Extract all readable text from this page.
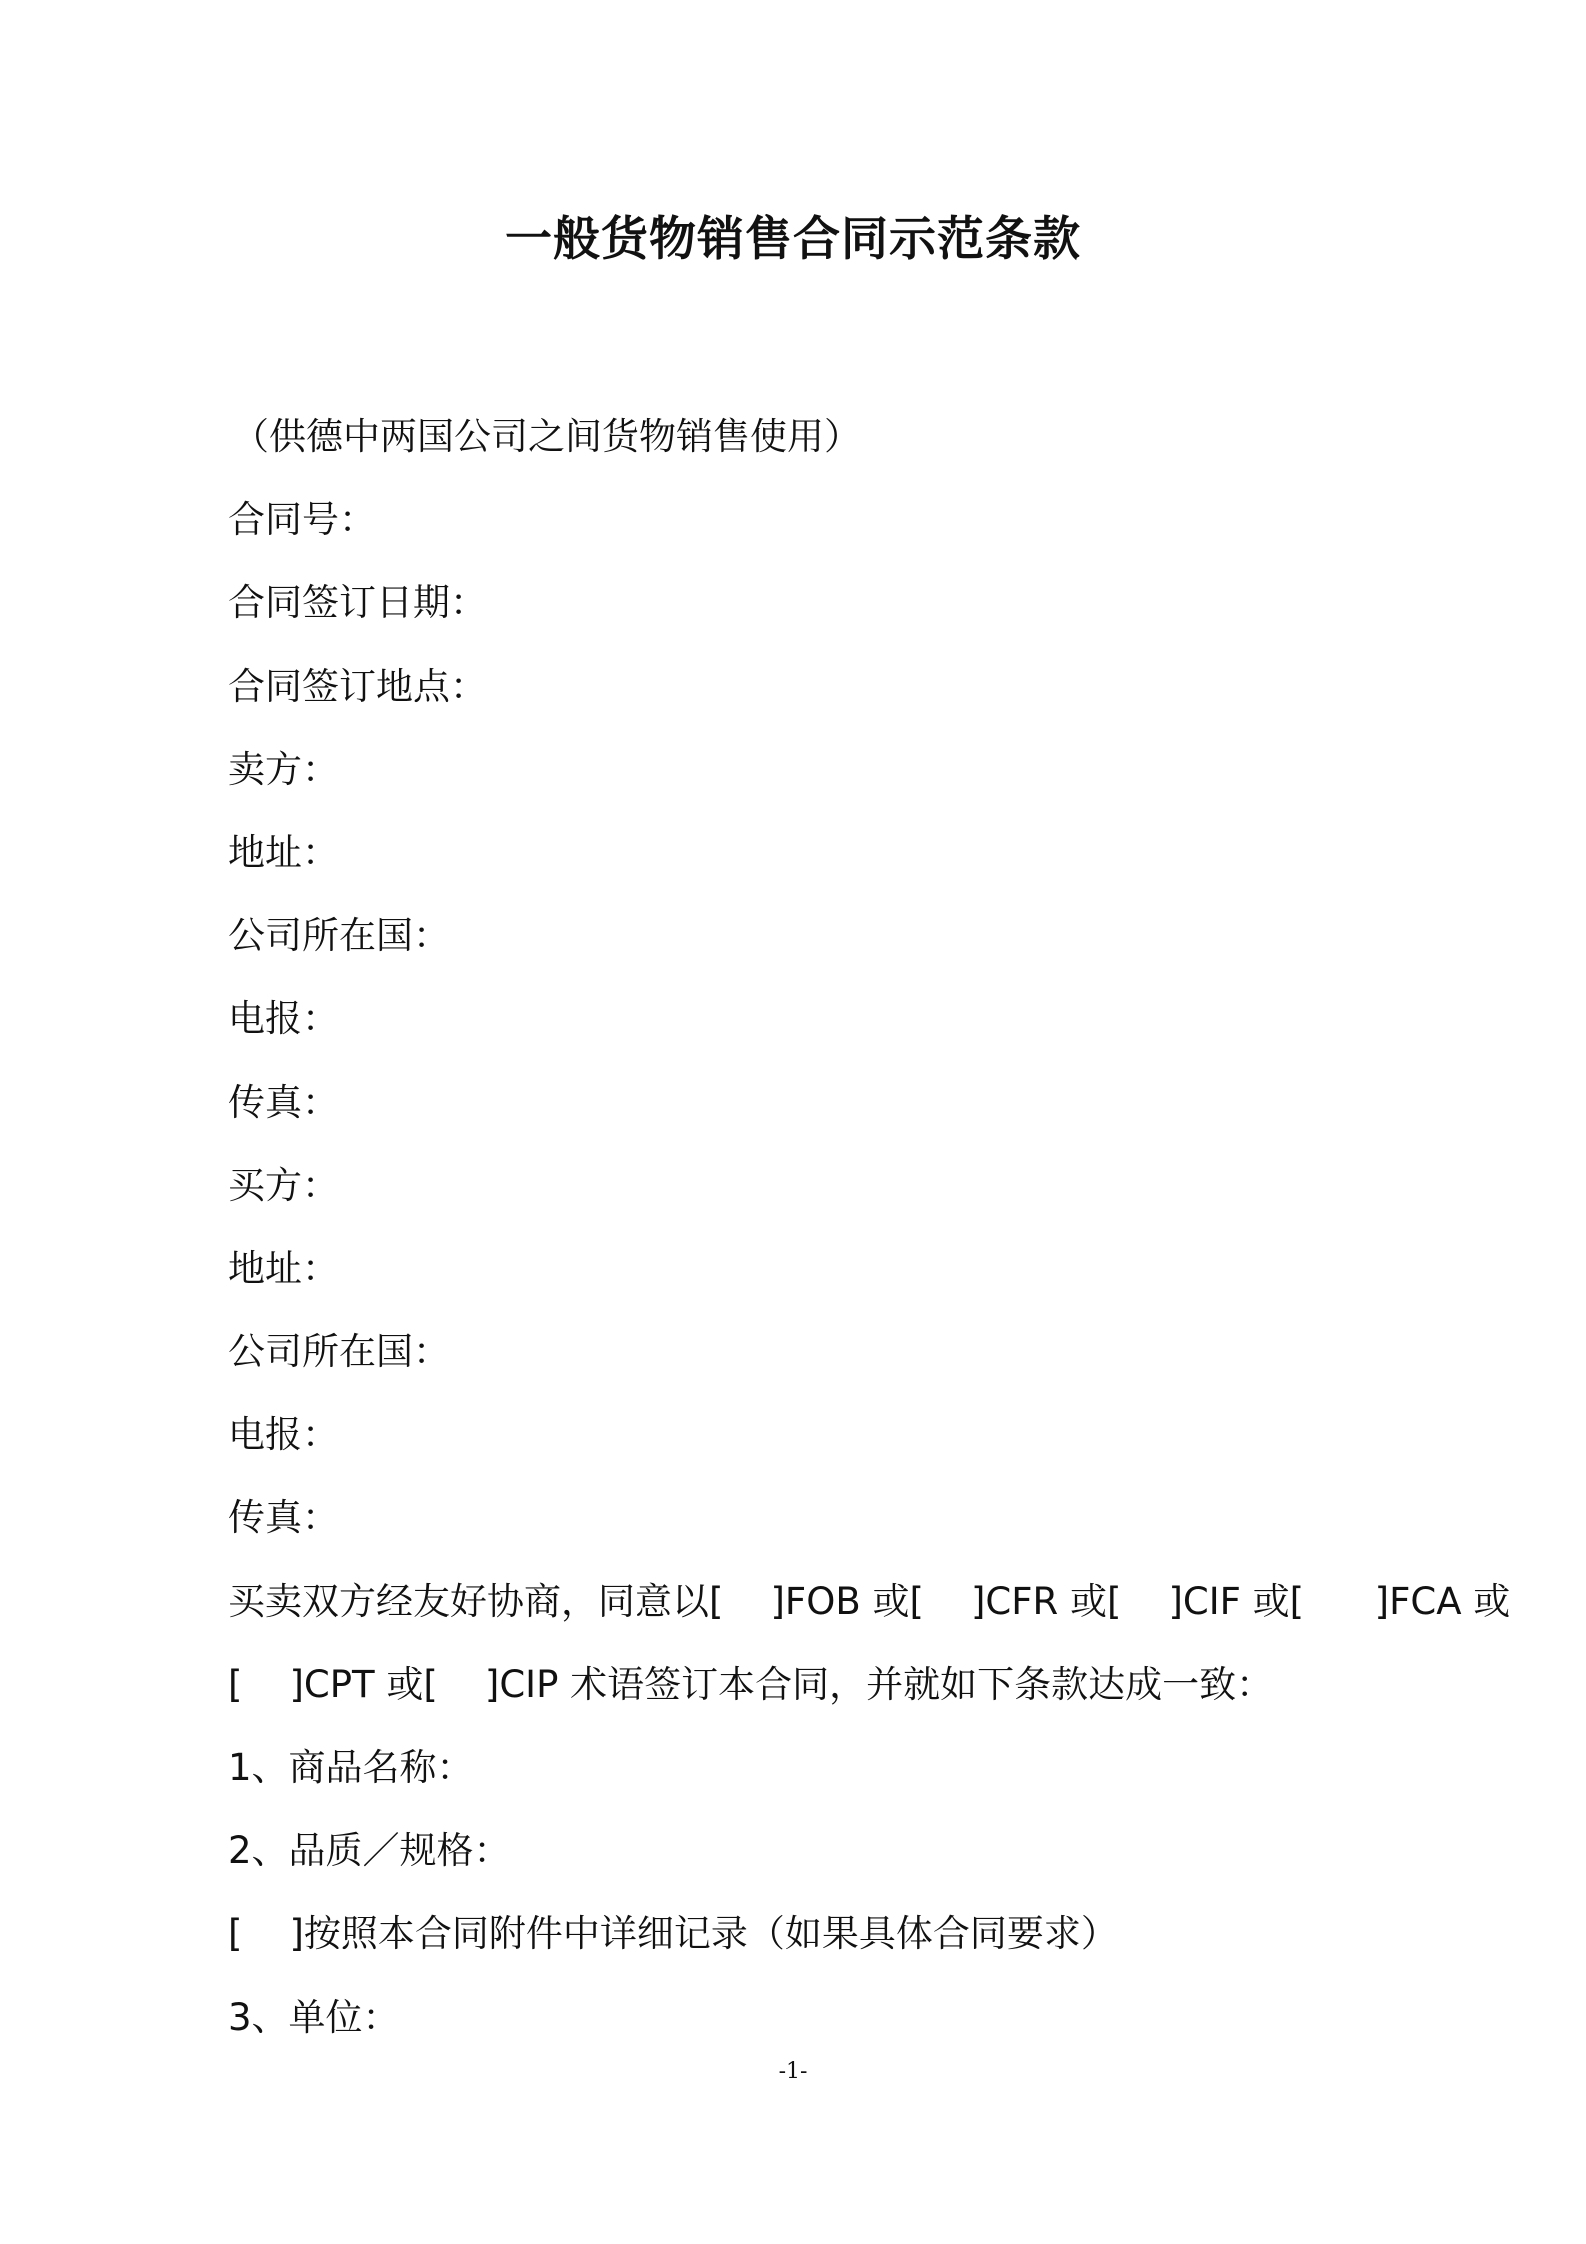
一般货物销售合同示范条款
（供德中两国公司之间货物销售使用）
合同号：
合同签订日期：
合同签订地点：
卖方：
地址：
公司所在国：
电报：
传真：
买方：
地址：
公司所在国：
电报：
传真：
买卖双方经友好协商，同意以[    ]FOB 或[    ]CFR 或[    ]CIF 或[      ]FCA 或
[    ]CPT 或[    ]CIP 术语签订本合同，并就如下条款达成一致：
1、商品名称：
2、品质／规格：
[    ]按照本合同附件中详细记录（如果具体合同要求）
3、单位：
-1-
